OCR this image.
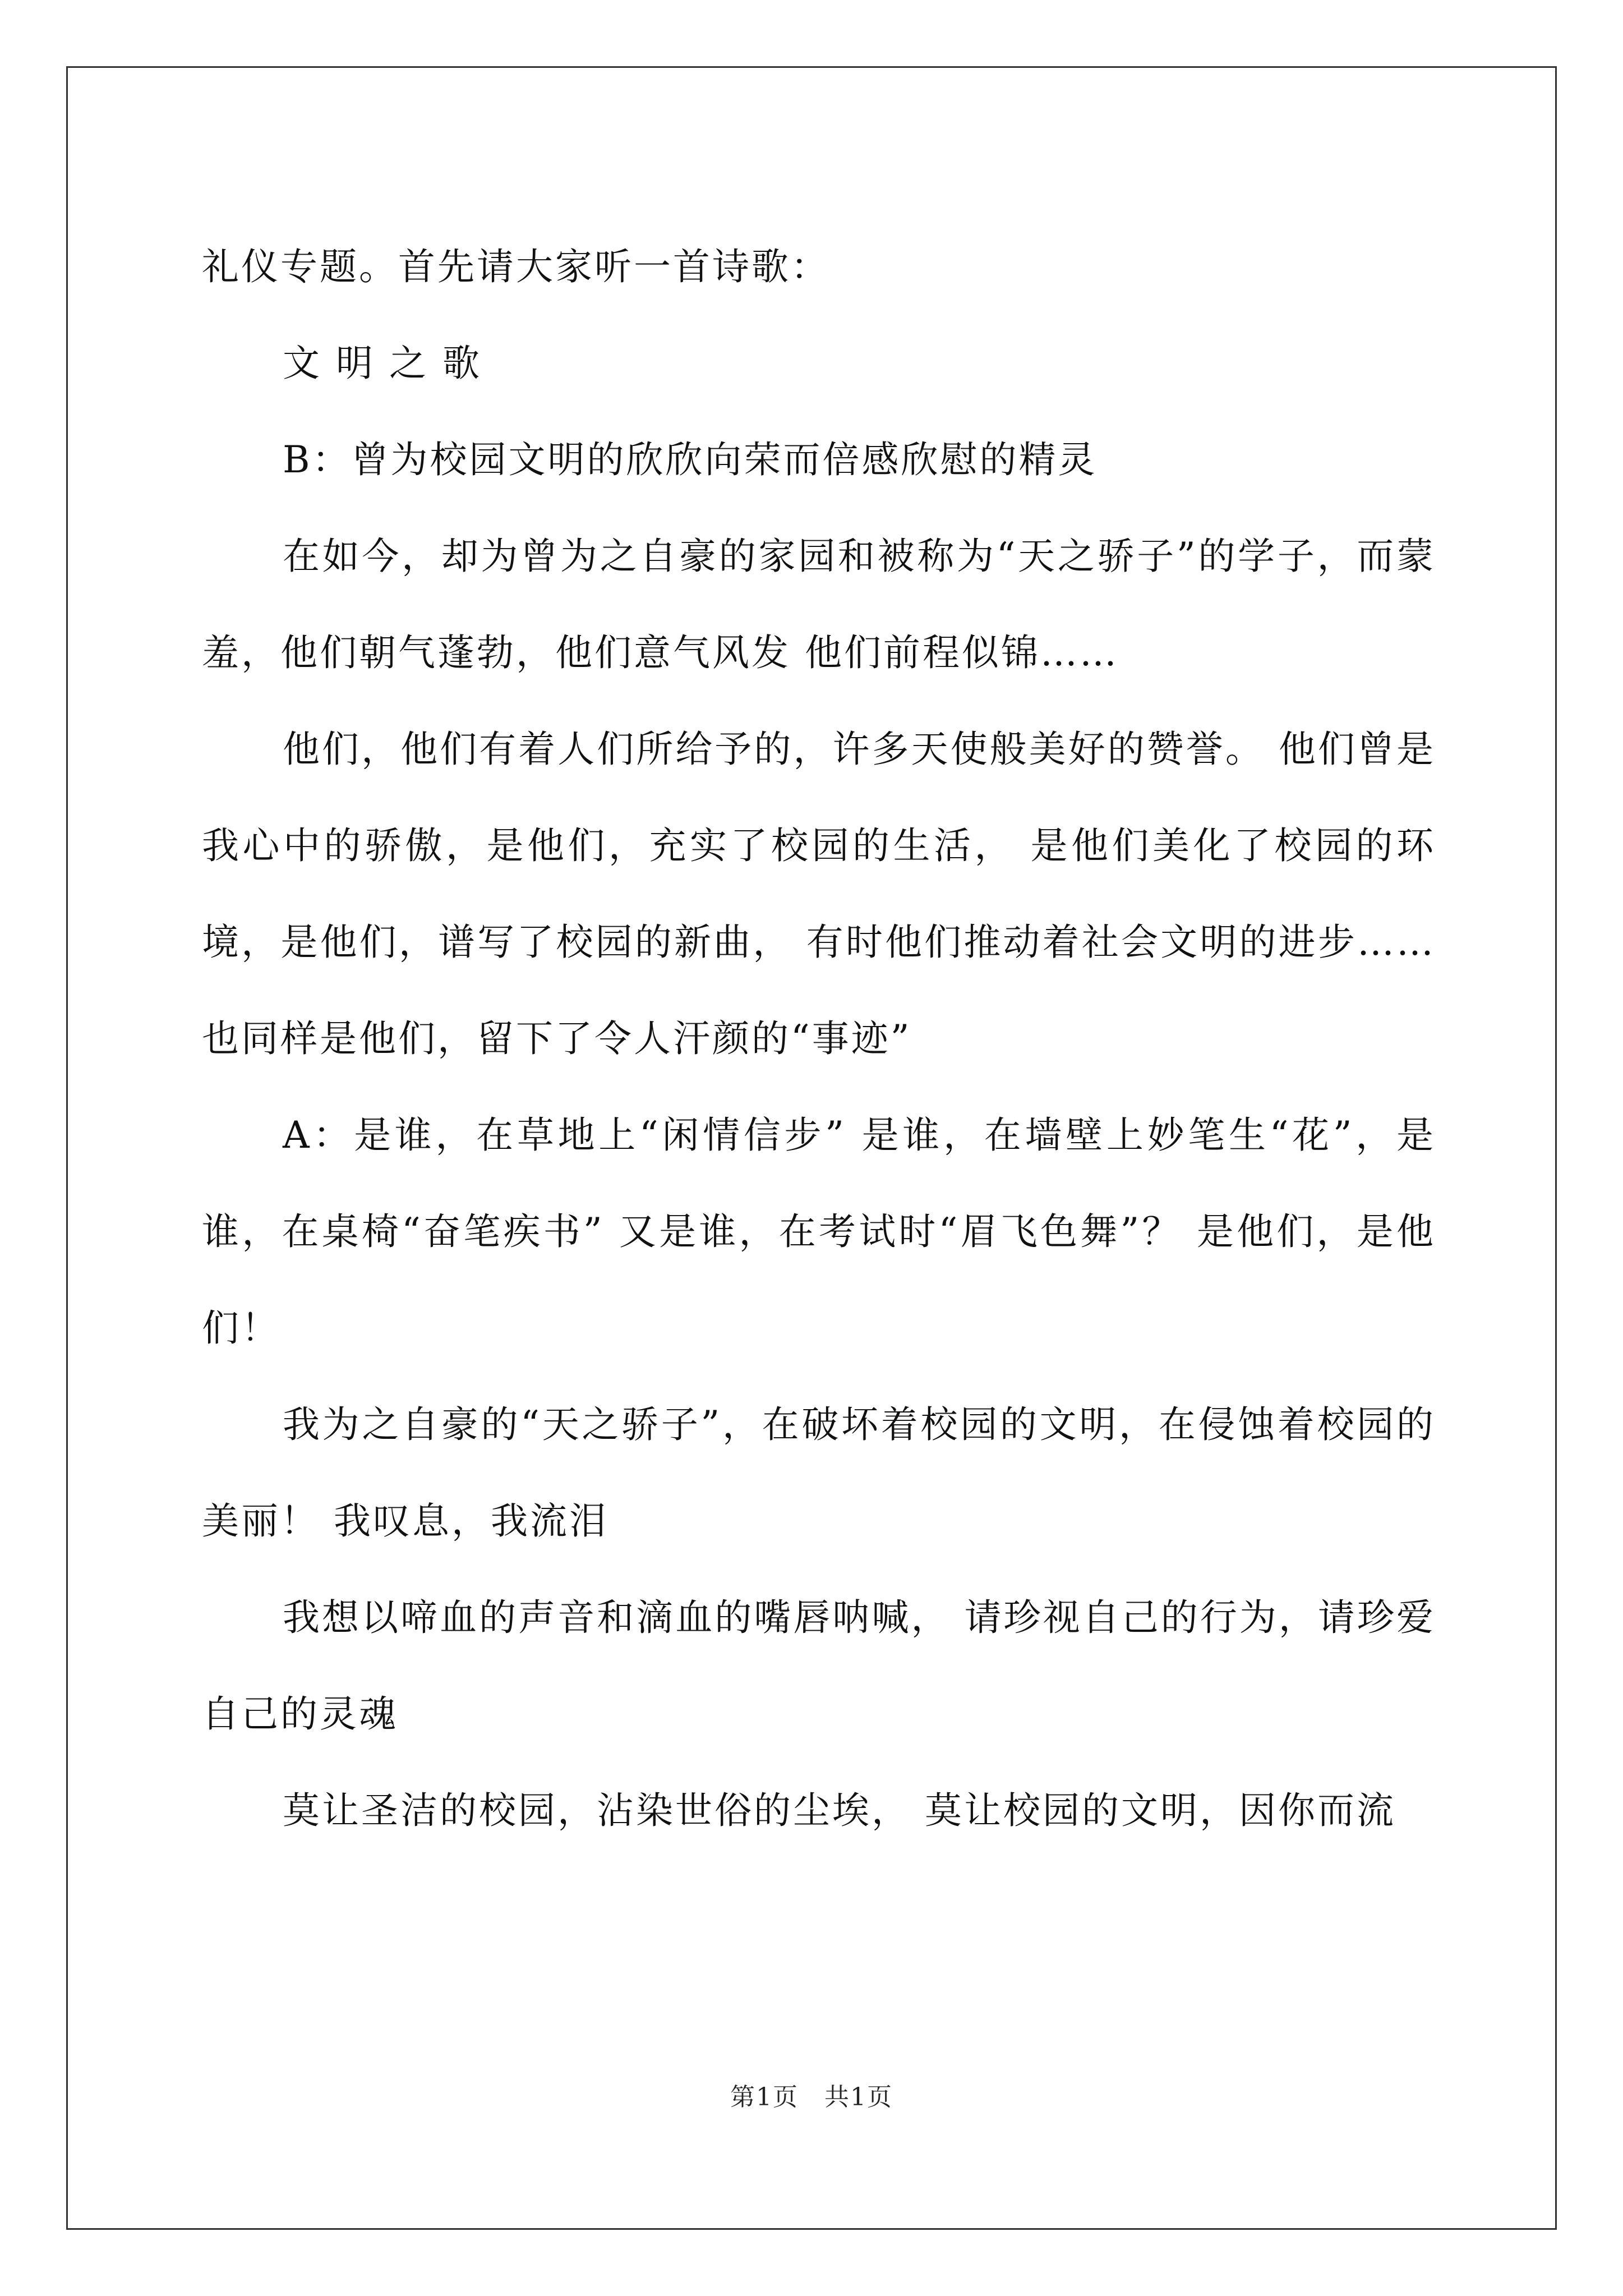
礼仪专题。首先请大家听一首诗歌：

文 明 之 歌

B：曾为校园文明的欣欣向荣而倍感欣慰的精灵

在如今，却为曾为之自豪的家园和被称为“天之骄子”的学子，而蒙羞，他们朝气蓬勃，他们意气风发 他们前程似锦……

他们，他们有着人们所给予的，许多天使般美好的赞誉。 他们曾是我心中的骄傲，是他们，充实了校园的生活， 是他们美化了校园的环境，是他们，谱写了校园的新曲， 有时他们推动着社会文明的进步…… 也同样是他们，留下了令人汗颜的“事迹”

A：是谁，在草地上“闲情信步” 是谁，在墙壁上妙笔生“花”，是谁，在桌椅“奋笔疾书” 又是谁，在考试时“眉飞色舞”？ 是他们，是他们！

我为之自豪的“天之骄子”，在破坏着校园的文明，在侵蚀着校园的美丽！ 我叹息，我流泪

我想以啼血的声音和滴血的嘴唇呐喊， 请珍视自己的行为，请珍爱自己的灵魂

莫让圣洁的校园，沾染世俗的尘埃， 莫让校园的文明，因你而流

第1页　共1页
